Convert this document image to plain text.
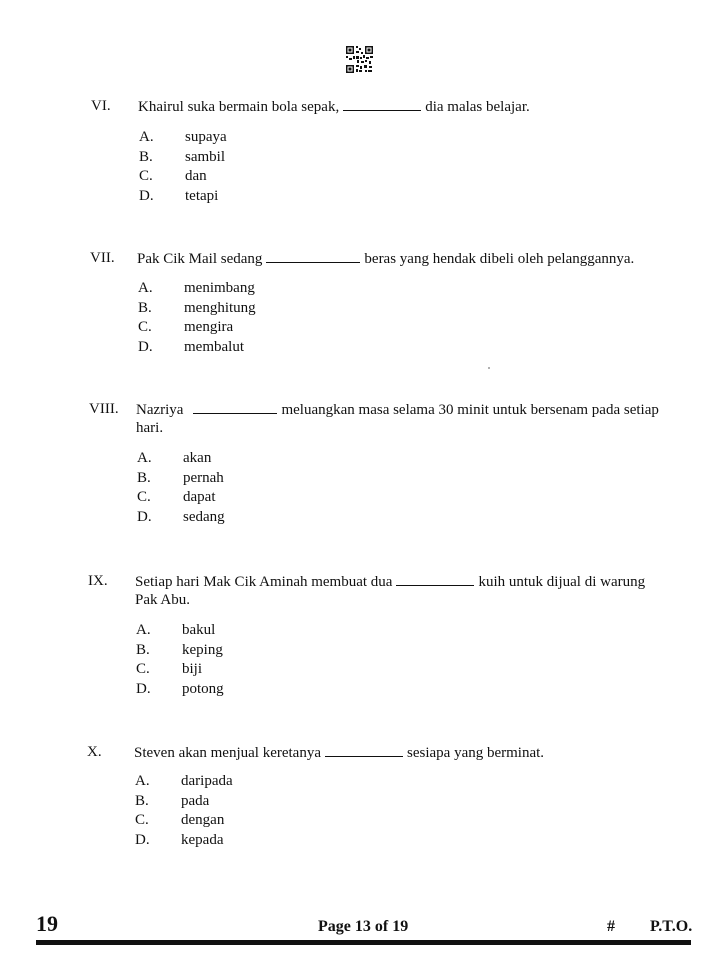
VI. Khairul suka bermain bola sepak,	dia malas belajar.
A. supaya
B. sambil
C. dan
D. tetapi
VII. Pak Cik Mail sedang	beras yang hendak dibeli oleh pelanggannya.
A. menimbang
B. menghitung
C. mengira
D. membalut
VIII. Nazriya	meluangkan masa selama 30 minit untuk bersenam pada setiap
hari.
A. akan
B. pernah
C. dapat
D. sedang
IX. Setiap hari Mak Cik Aminah membuat dua	kuih untuk dijual di warung
Pak Abu.
A. bakul
B. keping
C. biji
D. potong
X. Steven akan menjual keretanya	sesiapa yang berminat.
A. daripada
B. pada
C. dengan
D. kepada
19	Page 13 of 19	# P.T.O.
